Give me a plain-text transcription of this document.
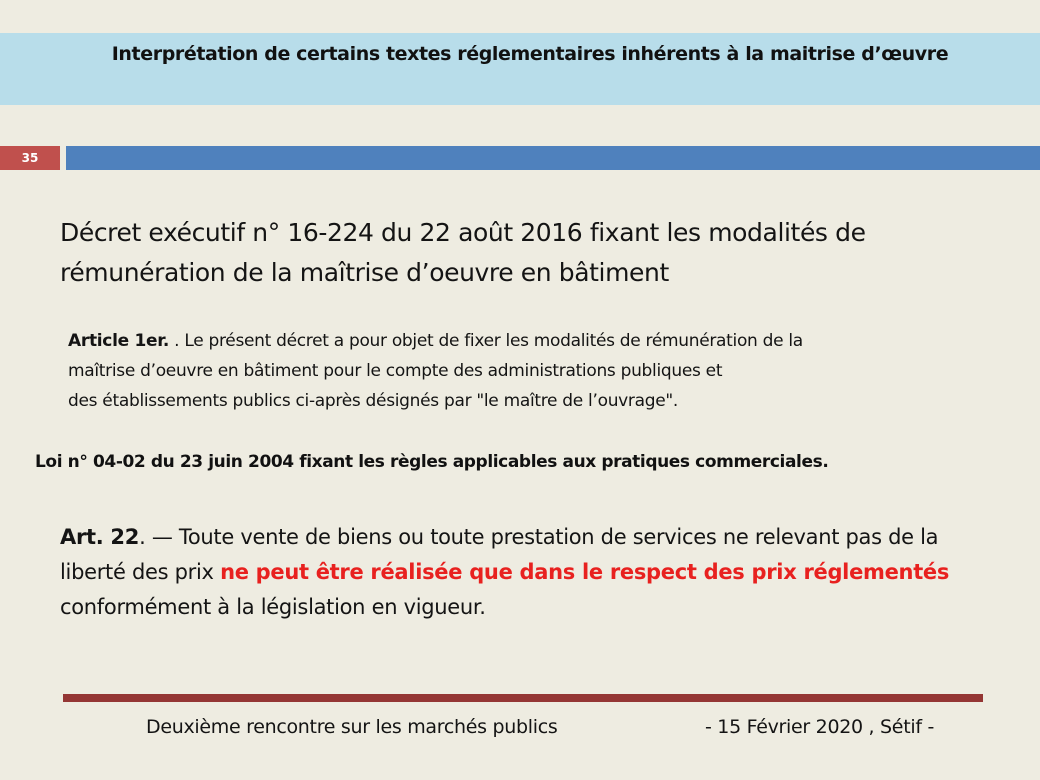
Interprétation de certains textes réglementaires inhérents à la maitrise d’œuvre
35
Décret exécutif n° 16-224 du 22 août 2016 fixant les modalités de rémunération de la maîtrise d’oeuvre en bâtiment
Article 1er. . Le présent décret a pour objet de fixer les modalités de rémunération de la
maîtrise d’oeuvre en bâtiment pour le compte des administrations publiques et
des établissements publics ci-après désignés par "le maître de l’ouvrage".
Loi n° 04-02 du 23 juin 2004 fixant les règles applicables aux pratiques commerciales.
Art. 22. — Toute vente de biens ou toute prestation de services ne relevant pas de la liberté des prix ne peut être réalisée que dans le respect des prix réglementés conformément à la législation en vigueur.
Deuxième rencontre sur les marchés publics	- 15 Février 2020 , Sétif -
